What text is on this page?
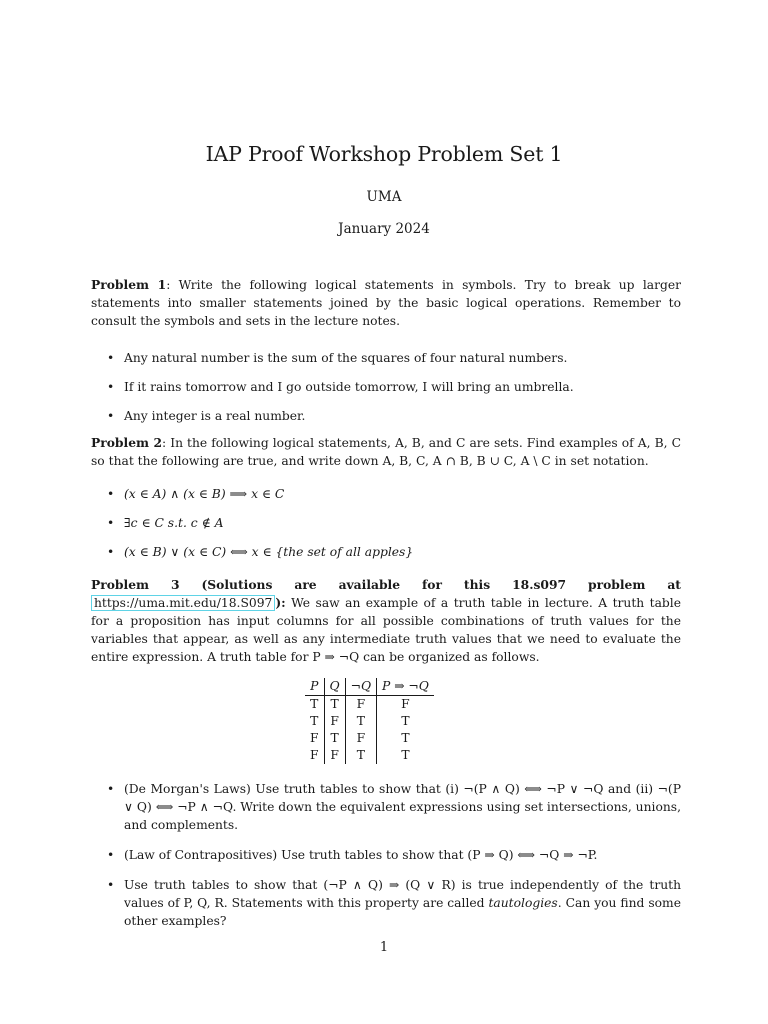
IAP Proof Workshop Problem Set 1
UMA
January 2024
Problem 1: Write the following logical statements in symbols. Try to break up larger statements into smaller statements joined by the basic logical operations. Remember to consult the symbols and sets in the lecture notes.
• Any natural number is the sum of the squares of four natural numbers.
• If it rains tomorrow and I go outside tomorrow, I will bring an umbrella.
• Any integer is a real number.
Problem 2: In the following logical statements, A, B, and C are sets. Find examples of A, B, C so that the following are true, and write down A, B, C, A ∩ B, B ∪ C, A \ C in set notation.
• (x ∈ A) ∧ (x ∈ B) ⟹ x ∈ C
• ∃c ∈ C s.t. c ∉ A
• (x ∈ B) ∨ (x ∈ C) ⟺ x ∈ {the set of all apples}
Problem 3 (Solutions are available for this 18.s097 problem at https://uma.mit.edu/18.S097 ): We saw an example of a truth table in lecture. A truth table for a proposition has input columns for all possible combinations of truth values for the variables that appear, as well as any intermediate truth values that we need to evaluate the entire expression. A truth table for P ⇒ ¬Q can be organized as follows.
P	Q	¬Q	P ⇒ ¬Q
T	T	F	F
T	F	T	T
F	T	F	T
F	F	T	T
• (De Morgan's Laws) Use truth tables to show that (i) ¬(P ∧ Q) ⟺ ¬P ∨ ¬Q and (ii) ¬(P ∨ Q) ⟺ ¬P ∧ ¬Q. Write down the equivalent expressions using set intersections, unions, and complements.
• (Law of Contrapositives) Use truth tables to show that (P ⇒ Q) ⟺ ¬Q ⇒ ¬P.
• Use truth tables to show that (¬P ∧ Q) ⇒ (Q ∨ R) is true independently of the truth values of P, Q, R. Statements with this property are called tautologies. Can you find some other examples?
1
